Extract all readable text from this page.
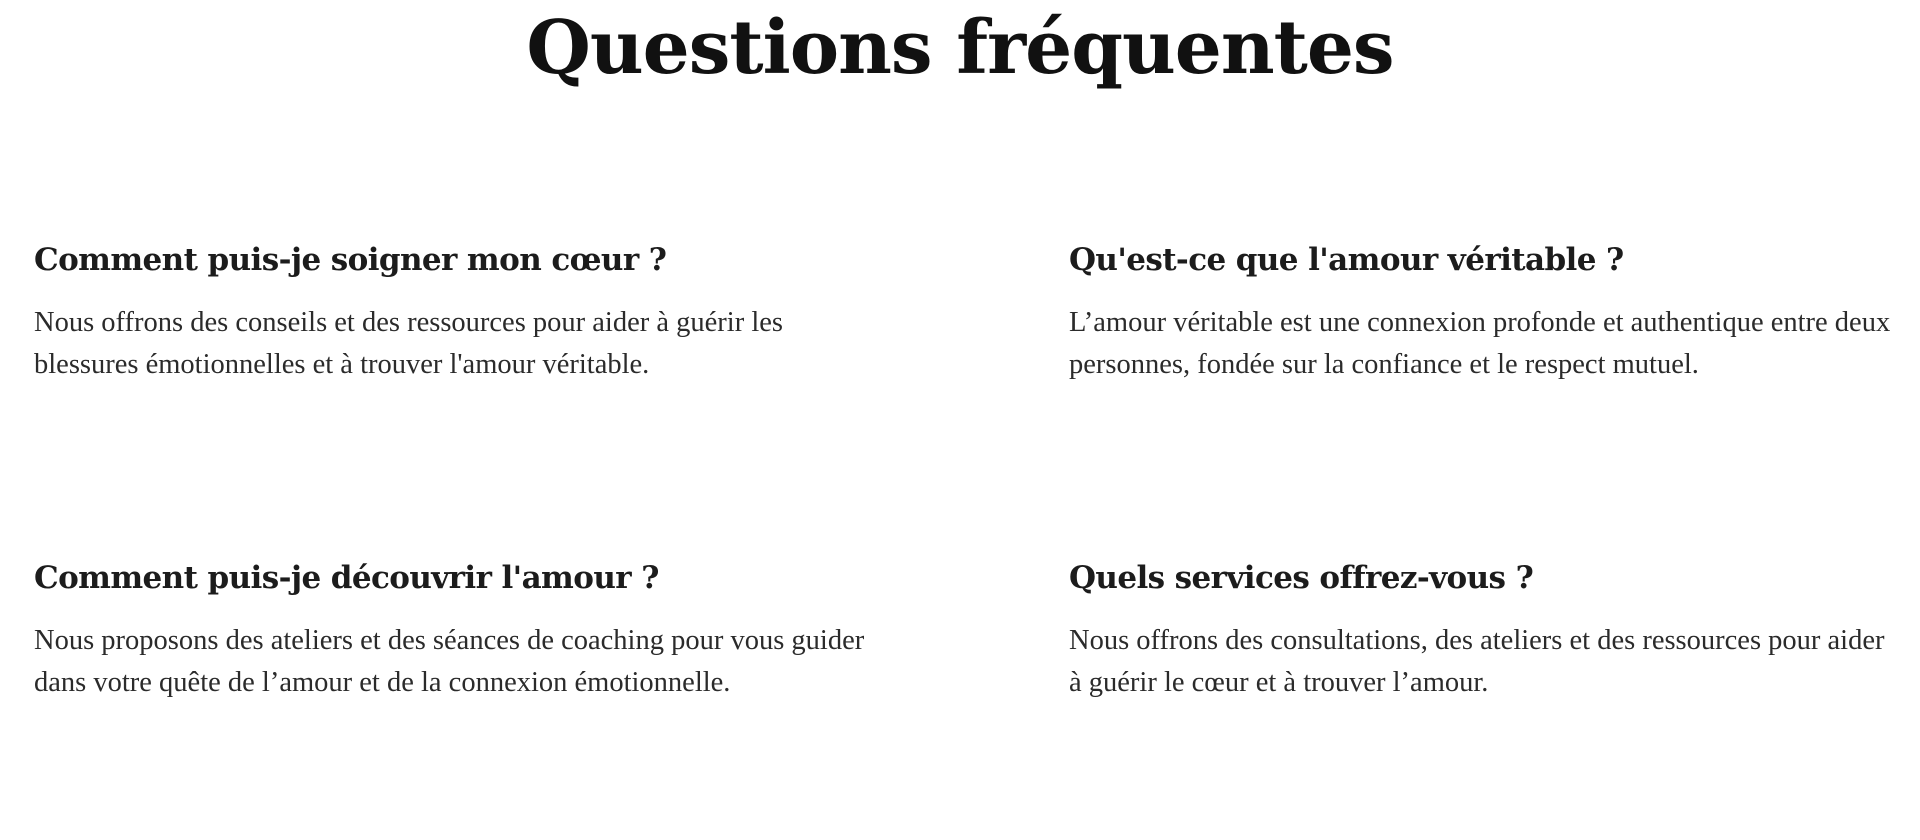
Questions fréquentes
Comment puis-je soigner mon cœur ?

Nous offrons des conseils et des ressources pour aider à guérir les blessures émotionnelles et à trouver l'amour véritable.

Qu'est-ce que l'amour véritable ?

L’amour véritable est une connexion profonde et authentique entre deux personnes, fondée sur la confiance et le respect mutuel.

Comment puis-je découvrir l'amour ?

Nous proposons des ateliers et des séances de coaching pour vous guider dans votre quête de l’amour et de la connexion émotionnelle.

Quels services offrez-vous ?

Nous offrons des consultations, des ateliers et des ressources pour aider à guérir le cœur et à trouver l’amour.
